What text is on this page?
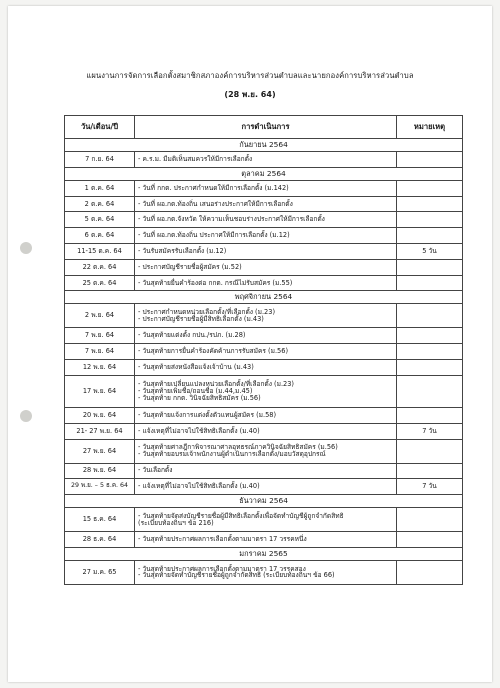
แผนงานการจัดการเลือกตั้งสมาชิกสภาองค์การบริหารส่วนตำบลและนายกองค์การบริหารส่วนตำบล
(28 พ.ย. 64)
วัน/เดือน/ปี	การดำเนินการ	หมายเหตุ
กันยายน 2564		
7 ก.ย. 64	- ค.ร.ม. มีมติเห็นสมควรให้มีการเลือกตั้ง	

ตุลาคม 2564		
1 ต.ค. 64	- วันที่ กกต. ประกาศกำหนดให้มีการเลือกตั้ง (ม.142)	

2 ต.ค. 64	- วันที่ ผอ.กต.ท้องถิ่น เสนอร่างประกาศให้มีการเลือกตั้ง	

5 ต.ค. 64	- วันที่ ผอ.กต.จังหวัด ให้ความเห็นชอบร่างประกาศให้มีการเลือกตั้ง	

6 ต.ค. 64	- วันที่ ผอ.กต.ท้องถิ่น ประกาศให้มีการเลือกตั้ง (ม.12)	

11-15 ต.ค. 64	- วันรับสมัครรับเลือกตั้ง (ม.12)	5 วัน
22 ต.ค. 64	- ประกาศบัญชีรายชื่อผู้สมัคร (ม.52)	

25 ต.ค. 64	- วันสุดท้ายยื่นคำร้องต่อ กกต. กรณีไม่รับสมัคร (ม.55)	

พฤศจิกายน 2564		
2 พ.ย. 64	- ประกาศกำหนดหน่วยเลือกตั้ง/ที่เลือกตั้ง (ม.23)
- ประกาศบัญชีรายชื่อผู้มีสิทธิเลือกตั้ง (ม.43)	

7 พ.ย. 64	- วันสุดท้ายแต่งตั้ง กปน./รปภ. (ม.28)	

7 พ.ย. 64	- วันสุดท้ายการยื่นคำร้องคัดค้านการรับสมัคร (ม.56)	

12 พ.ย. 64	- วันสุดท้ายส่งหนังสือแจ้งเจ้าบ้าน (ม.43)	

17 พ.ย. 64	- วันสุดท้ายเปลี่ยนแปลงหน่วยเลือกตั้ง/ที่เลือกตั้ง (ม.23)
- วันสุดท้ายเพิ่มชื่อ/ถอนชื่อ (ม.44,ม.45)
- วันสุดท้าย กกต. วินิจฉัยสิทธิสมัคร (ม.56)	

20 พ.ย. 64	- วันสุดท้ายแจ้งการแต่งตั้งตัวแทนผู้สมัคร (ม.58)	

21- 27 พ.ย. 64	- แจ้งเหตุที่ไม่อาจไปใช้สิทธิเลือกตั้ง (ม.40)	7 วัน
27 พ.ย. 64	- วันสุดท้ายศาลฎีกาพิจารณาศาลอุทธรณ์ภาควินิจฉัยสิทธิสมัคร (ม.56)
- วันสุดท้ายอบรมเจ้าพนักงานผู้ดำเนินการเลือกตั้ง/มอบวัสดุอุปกรณ์	

28 พ.ย. 64	- วันเลือกตั้ง	

29 พ.ย. – 5 ธ.ค. 64	- แจ้งเหตุที่ไม่อาจไปใช้สิทธิเลือกตั้ง (ม.40)	7 วัน
ธันวาคม 2564		
15 ธ.ค. 64	- วันสุดท้ายจัดส่งบัญชีรายชื่อผู้มีสิทธิเลือกตั้งเพื่อจัดทำบัญชีผู้ถูกจำกัดสิทธิ
(ระเบียบท้องถิ่นฯ ข้อ 216)	

28 ธ.ค. 64	- วันสุดท้ายประกาศผลการเลือกตั้งตามมาตรา 17 วรรคหนึ่ง	

มกราคม 2565		
27 ม.ค. 65	- วันสุดท้ายประกาศผลการเลือกตั้งตามมาตรา 17 วรรคสอง
- วันสุดท้ายจัดทำบัญชีรายชื่อผู้ถูกจำกัดสิทธิ (ระเบียบท้องถิ่นฯ ข้อ 66)	
